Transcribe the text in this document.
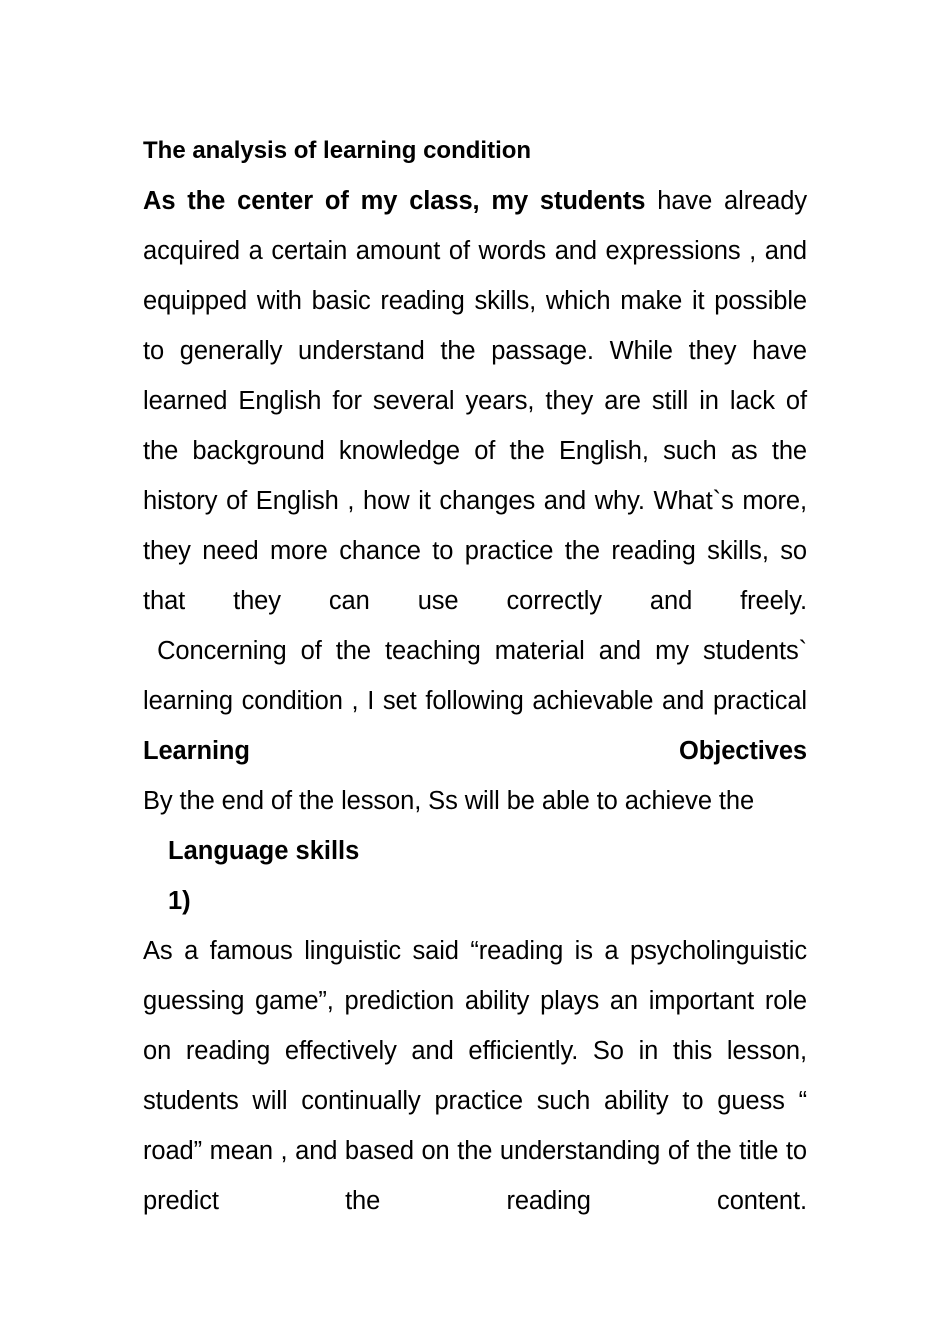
The analysis of learning condition

As the center of my class, my students have already acquired a certain amount of words and expressions , and equipped with basic reading skills, which make it possible to generally understand the passage. While they have learned English for several years, they are still in lack of the background knowledge of the English, such as the history of English , how it changes and why. What`s more, they need more chance to practice the reading skills, so that they can use correctly and freely.

Concerning of the teaching material and my students` learning condition , I set following achievable and practical Learning Objectives

By the end of the lesson, Ss will be able to achieve the

Language skills

1)

As a famous linguistic said “reading is a psycholinguistic guessing game”, prediction ability plays an important role on reading effectively and efficiently. So in this lesson, students will continually practice such ability to guess “ road” mean , and based on the understanding of the title to predict the reading content.
